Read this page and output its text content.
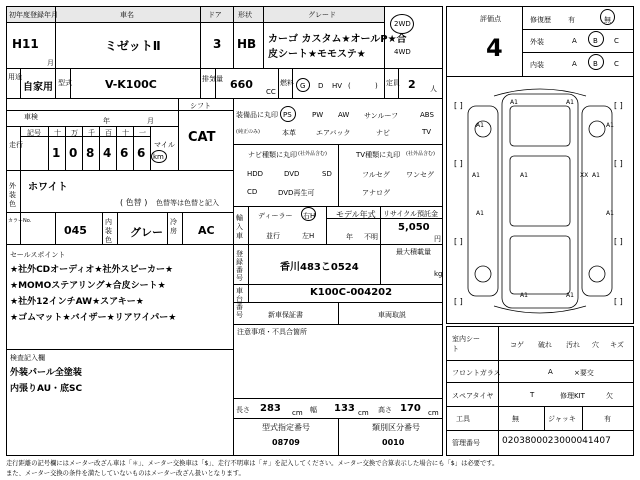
初年度登録年月	車名	ドア 形状	グレード
H11
月
ミゼットⅡ	3 HB カーゴ カスタム★オールP★合
皮シート★モモステ★
2WD
4WD
用途
自家用 型式	V-K100C	排気量 660
CC
燃料 G D HV (	) 定員 2 人
車検	年	月
シフト
CAT
走行
記号 十 万 千 百 十 一
1 0 8 4 6 6
マイル
km
外装色
ホワイト
( 色替 ) 色替等は色替と記入
カラーNo.
045
内装色
グレー
冷房 AC
セールスポイント
★社外CDオーディオ★社外スピーカー★
★MOMOステアリング★合皮シート★
★社外12インチAW★スアキー★
★ゴムマット★バイザー★リアワイパー★
検査記入欄
外装パール全塗装
内張りAU・底SC
装備品に丸印
(純正のみ)
PS	PW AW サンルーフ	ABS
本革	エアバック	ナビ	TV
ナビ種類に丸印 (社外品含む)
HDD	DVD	SD
CD	DVD再生可
TV種類に丸印 (社外品含む)
フルセグ ワンセグ
アナログ
輸入車
ディーラー 右H
並行	左H
モデル年式
年 不明
リサイクル預託金
5,050
円
最大積載量
kg
登録番号
香川483こ0524
車台番号
K100C-004202
新車保証書	車両取説
注意事項・不具合箇所
長さ 283 cm 幅 133 cm 高さ 170 cm
型式指定番号
08709
類別区分番号
0010
評価点
4
修復歴 有	無
外装	A B C
内装	A B C
[ ]	[ ]
[ ]	[ ]
[ ]	[ ]
[ ]	[ ]
A1	A1
A1	A1
A1	A1	XX A1
A1	A1
A1	A1
室内シート	コゲ 破れ 汚れ 穴 キズ
フロントガラス	A	×要交
スペアタイヤ	T	修理KIT	欠
工具	無	ジャッキ	有
管理番号 0203800023000041407
走行距離の記号欄にはメーター改ざん車は「＊」、メーター交換車は「$」、走行不明車は「＃」を記入してください。メーター交換で合算表示した場合にも「$」は必要です。
また、メーター交換の条件を満たしていないものはメーター改ざん扱いとなります。
